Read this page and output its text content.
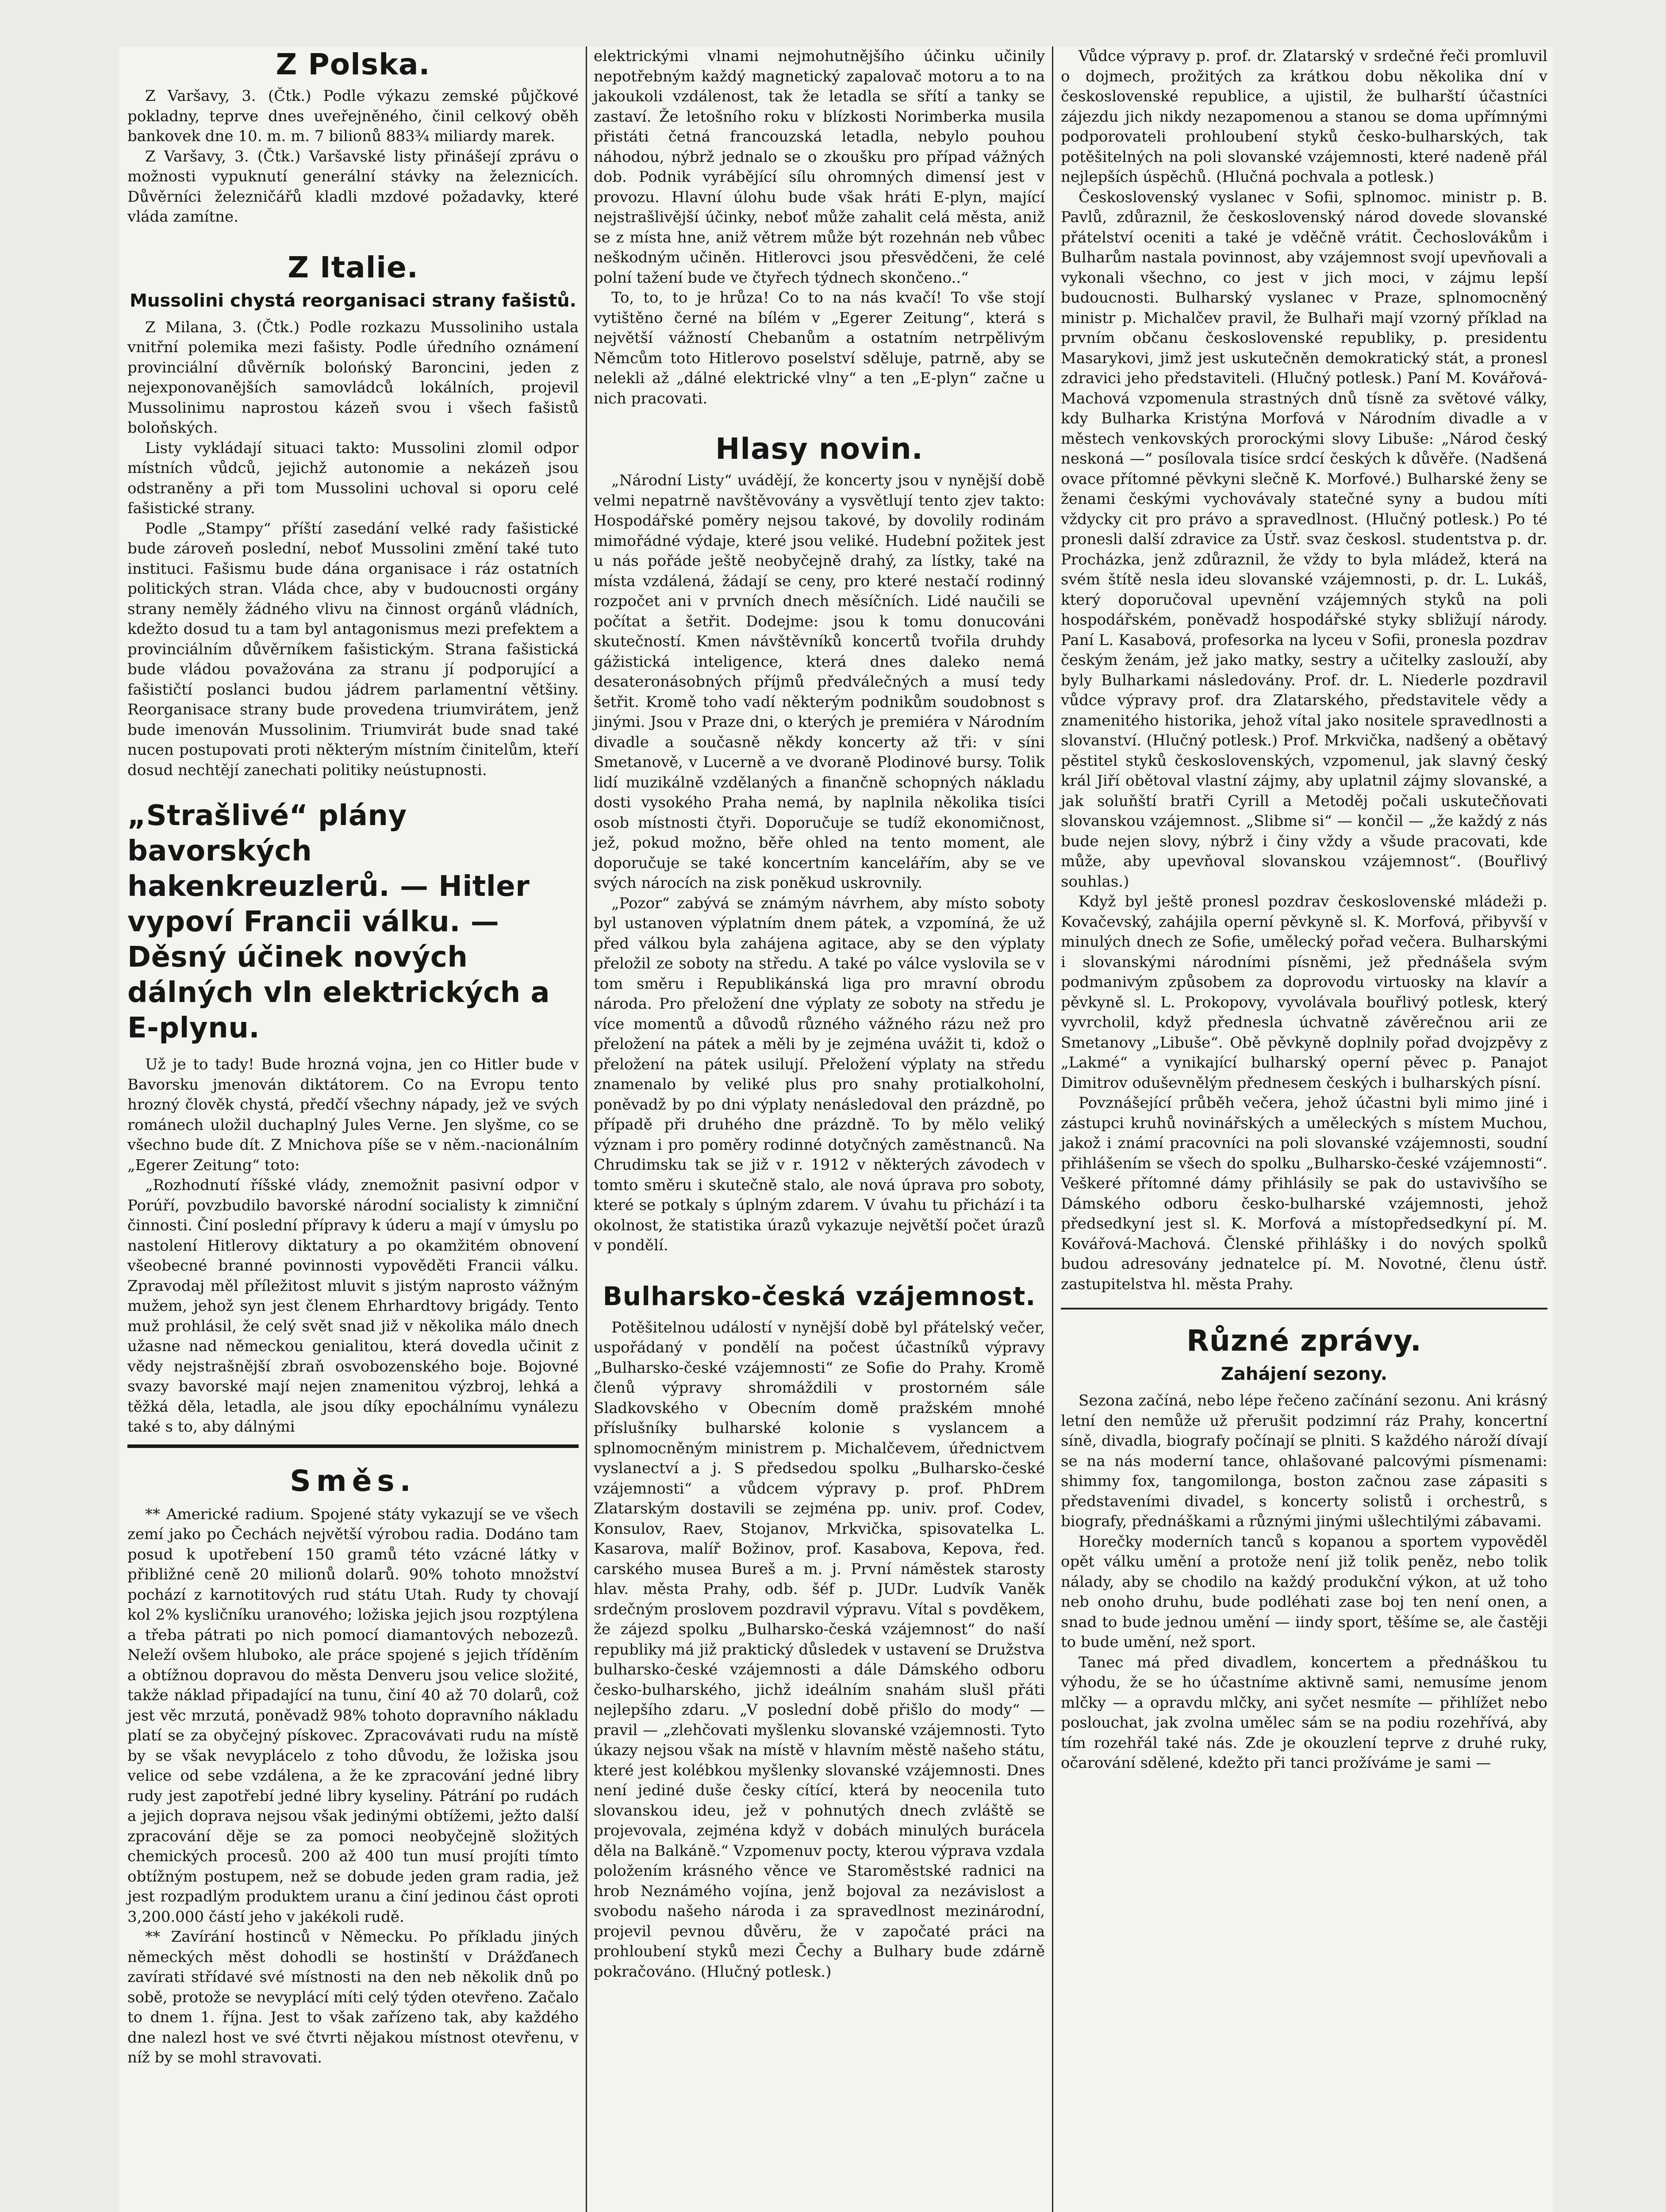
Z Polska.

Z Varšavy, 3. (Čtk.) Podle výkazu zemské půjčkové pokladny, teprve dnes uveřejněného, činil celkový oběh bankovek dne 10. m. m. 7 bilionů 883¾ miliardy marek.

Z Varšavy, 3. (Čtk.) Varšavské listy přinášejí zprávu o možnosti vypuknutí generální stávky na železnicích. Důvěrníci železničářů kladli mzdové požadavky, které vláda zamítne.

Z Italie.
Mussolini chystá reorganisaci strany fašistů.

Z Milana, 3. (Čtk.) Podle rozkazu Mussoliniho ustala vnitřní polemika mezi fašisty. Podle úředního oznámení provinciální důvěrník bolońský Baroncini, jeden z nejexponovanějších samovládců lokálních, projevil Mussolinimu naprostou kázeň svou i všech fašistů boloňských.

Listy vykládají situaci takto: Mussolini zlomil odpor místních vůdců, jejichž autonomie a nekázeň jsou odstraněny a při tom Mussolini uchoval si oporu celé fašistické strany.

Podle „Stampy“ příští zasedání velké rady fašistické bude zároveň poslední, neboť Mussolini změní také tuto instituci. Fašismu bude dána organisace i ráz ostatních politických stran. Vláda chce, aby v budoucnosti orgány strany neměly žádného vlivu na činnost orgánů vládních, kdežto dosud tu a tam byl antagonismus mezi prefektem a provinciálním důvěrníkem fašistickým. Strana fašistická bude vládou považována za stranu jí podporující a fašističtí poslanci budou jádrem parlamentní většiny. Reorganisace strany bude provedena triumvirátem, jenž bude imenován Mussolinim. Triumvirát bude snad také nucen postupovati proti některým místním činitelům, kteří dosud nechtějí zanechati politiky neústupnosti.

„Strašlivé“ plány bavorských hakenkreuzlerů. — Hitler vypoví Francii válku. — Děsný účinek nových dálných vln elektrických a E-plynu.

Už je to tady! Bude hrozná vojna, jen co Hitler bude v Bavorsku jmenován diktátorem. Co na Evropu tento hrozný člověk chystá, předčí všechny nápady, jež ve svých románech uložil duchaplný Jules Verne. Jen slyšme, co se všechno bude dít. Z Mnichova píše se v něm.-nacionálním „Egerer Zeitung“ toto:

„Rozhodnutí říšské vlády, znemožnit pasivní odpor v Porúří, povzbudilo bavorské národní socialisty k zimniční činnosti. Činí poslední přípravy k úderu a mají v úmyslu po nastolení Hitlerovy diktatury a po okamžitém obnovení všeobecné branné povinnosti vypověděti Francii válku. Zpravodaj měl příležitost mluvit s jistým naprosto vážným mužem, jehož syn jest členem Ehrhardtovy brigády. Tento muž prohlásil, že celý svět snad již v několika málo dnech užasne nad německou genialitou, která dovedla učinit z vědy nejstrašnější zbraň osvobozenského boje. Bojovné svazy bavorské mají nejen znamenitou výzbroj, lehká a těžká děla, letadla, ale jsou díky epochálnímu vynálezu také s to, aby dálnými

Směs.

** Americké radium. Spojené státy vykazují se ve všech zemí jako po Čechách největší výrobou radia. Dodáno tam posud k upotřebení 150 gramů této vzácné látky v přibližné ceně 20 milionů dolarů. 90% tohoto množství pochází z karnotitových rud státu Utah. Rudy ty chovají kol 2% kysličníku uranového; ložiska jejich jsou rozptýlena a třeba pátrati po nich pomocí diamantových nebozezů. Neleží ovšem hluboko, ale práce spojené s jejich tříděním a obtížnou dopravou do města Denveru jsou velice složité, takže náklad připadající na tunu, činí 40 až 70 dolarů, což jest věc mrzutá, poněvadž 98% tohoto dopravního nákladu platí se za obyčejný pískovec. Zpracovávati rudu na místě by se však nevyplácelo z toho důvodu, že ložiska jsou velice od sebe vzdálena, a že ke zpracování jedné libry rudy jest zapotřebí jedné libry kyseliny. Pátrání po rudách a jejich doprava nejsou však jedinými obtížemi, ježto další zpracování děje se za pomoci neobyčejně složitých chemických procesů. 200 až 400 tun musí projíti tímto obtížným postupem, než se dobude jeden gram radia, jež jest rozpadlým produktem uranu a činí jedinou část oproti 3,200.000 částí jeho v jakékoli rudě.

** Zavírání hostinců v Německu. Po příkladu jiných německých měst dohodli se hostinští v Drážďanech zavírati střídavé své místnosti na den neb několik dnů po sobě, protože se nevyplácí míti celý týden otevřeno. Začalo to dnem 1. října. Jest to však zařízeno tak, aby každého dne nalezl host ve své čtvrti nějakou místnost otevřenu, v níž by se mohl stravovati.

elektrickými vlnami nejmohutnějšího účinku učinily nepotřebným každý magnetický zapalovač motoru a to na jakoukoli vzdálenost, tak že letadla se sřítí a tanky se zastaví. Že letošního roku v blízkosti Norimberka musila přistáti četná francouzská letadla, nebylo pouhou náhodou, nýbrž jednalo se o zkoušku pro případ vážných dob. Podnik vyrábějící sílu ohromných dimensí jest v provozu. Hlavní úlohu bude však hráti E-plyn, mající nejstrašlivější účinky, neboť může zahalit celá města, aniž se z místa hne, aniž větrem může být rozehnán neb vůbec neškodným učiněn. Hitlerovci jsou přesvědčeni, že celé polní tažení bude ve čtyřech týdnech skončeno..“

To, to, to je hrůza! Co to na nás kvačí! To vše stojí vytištěno černé na bílém v „Egerer Zeitung“, která s největší vážností Chebanům a ostatním netrpělivým Němcům toto Hitlerovo poselství sděluje, patrně, aby se nelekli až „dálné elektrické vlny“ a ten „E-plyn“ začne u nich pracovati.

Hlasy novin.

„Národní Listy“ uvádějí, že koncerty jsou v nynější době velmi nepatrně navštěvovány a vysvětlují tento zjev takto: Hospodářské poměry nejsou takové, by dovolily rodinám mimořádné výdaje, které jsou veliké. Hudební požitek jest u nás pořáde ještě neobyčejně drahý, za lístky, také na místa vzdálená, žádají se ceny, pro které nestačí rodinný rozpočet ani v prvních dnech měsíčních. Lidé naučili se počítat a šetřit. Dodejme: jsou k tomu donucováni skutečností. Kmen návštěvníků koncertů tvořila druhdy gážistická inteligence, která dnes daleko nemá desateronásobných příjmů předválečných a musí tedy šetřit. Kromě toho vadí některým podnikům soudobnost s jinými. Jsou v Praze dni, o kterých je premiéra v Národním divadle a současně někdy koncerty až tři: v síni Smetanově, v Lucerně a ve dvoraně Plodinové bursy. Tolik lidí muzikálně vzdělaných a finančně schopných nákladu dosti vysokého Praha nemá, by naplnila několika tisíci osob místnosti čtyři. Doporučuje se tudíž ekonomičnost, jež, pokud možno, běře ohled na tento moment, ale doporučuje se také koncertním kancelářím, aby se ve svých nárocích na zisk poněkud uskrovnily.

„Pozor“ zabývá se známým návrhem, aby místo soboty byl ustanoven výplatním dnem pátek, a vzpomíná, že už před válkou byla zahájena agitace, aby se den výplaty přeložil ze soboty na středu. A také po válce vyslovila se v tom směru i Republikánská liga pro mravní obrodu národa. Pro přeložení dne výplaty ze soboty na středu je více momentů a důvodů různého vážného rázu než pro přeložení na pátek a měli by je zejména uvážit ti, kdož o přeložení na pátek usilují. Přeložení výplaty na středu znamenalo by veliké plus pro snahy protialkoholní, poněvadž by po dni výplaty nenásledoval den prázdně, po případě při druhého dne prázdně. To by mělo veliký význam i pro poměry rodinné dotyčných zaměstnanců. Na Chrudimsku tak se již v r. 1912 v některých závodech v tomto směru i skutečně stalo, ale nová úprava pro soboty, které se potkaly s úplným zdarem. V úvahu tu přichází i ta okolnost, že statistika úrazů vykazuje největší počet úrazů v pondělí.

Bulharsko-česká vzájemnost.

Potěšitelnou událostí v nynější době byl přátelský večer, uspořádaný v pondělí na počest účastníků výpravy „Bulharsko-české vzájemnosti“ ze Sofie do Prahy. Kromě členů výpravy shromáždili v prostorném sále Sladkovského v Obecním domě pražském mnohé příslušníky bulharské kolonie s vyslancem a splnomocněným ministrem p. Michalčevem, úřednictvem vyslanectví a j. S předsedou spolku „Bulharsko-české vzájemnosti“ a vůdcem výpravy p. prof. PhDrem Zlatarským dostavili se zejména pp. univ. prof. Codev, Konsulov, Raev, Stojanov, Mrkvička, spisovatelka L. Kasarova, malíř Božinov, prof. Kasabova, Kepova, řed. carského musea Bureš a m. j. První náměstek starosty hlav. města Prahy, odb. šéf p. JUDr. Ludvík Vaněk srdečným proslovem pozdravil výpravu. Vítal s povděkem, že zájezd spolku „Bulharsko-česká vzájemnost“ do naší republiky má již praktický důsledek v ustavení se Družstva bulharsko-české vzájemnosti a dále Dámského odboru česko-bulharského, jichž ideálním snahám slušl přáti nejlepšího zdaru. „V poslední době přišlo do mody“ — pravil — „zlehčovati myšlenku slovanské vzájemnosti. Tyto úkazy nejsou však na místě v hlavním městě našeho státu, které jest kolébkou myšlenky slovanské vzájemnosti. Dnes není jediné duše česky cítící, která by neocenila tuto slovanskou ideu, jež v pohnutých dnech zvláště se projevovala, zejména když v dobách minulých burácela děla na Balkáně.“ Vzpomenuv pocty, kterou výprava vzdala položením krásného věnce ve Staroměstské radnici na hrob Neznámého vojína, jenž bojoval za nezávislost a svobodu našeho národa i za spravedlnost mezinárodní, projevil pevnou důvěru, že v započaté práci na prohloubení styků mezi Čechy a Bulhary bude zdárně pokračováno. (Hlučný potlesk.)

Vůdce výpravy p. prof. dr. Zlatarský v srdečné řeči promluvil o dojmech, prožitých za krátkou dobu několika dní v československé republice, a ujistil, že bulharští účastníci zájezdu jich nikdy nezapomenou a stanou se doma upřímnými podporovateli prohloubení styků česko-bulharských, tak potěšitelných na poli slovanské vzájemnosti, které nadeně přál nejlepších úspěchů. (Hlučná pochvala a potlesk.)

Československý vyslanec v Sofii, splnomoc. ministr p. B. Pavlů, zdůraznil, že československý národ dovede slovanské přátelství oceniti a také je vděčně vrátit. Čechoslovákům i Bulharům nastala povinnost, aby vzájemnost svojí upevňovali a vykonali všechno, co jest v jich moci, v zájmu lepší budoucnosti. Bulharský vyslanec v Praze, splnomocněný ministr p. Michalčev pravil, že Bulhaři mají vzorný příklad na prvním občanu československé republiky, p. presidentu Masarykovi, jimž jest uskutečněn demokratický stát, a pronesl zdravici jeho představiteli. (Hlučný potlesk.) Paní M. Kovářová-Machová vzpomenula strastných dnů tísně za světové války, kdy Bulharka Kristýna Morfová v Národním divadle a v městech venkovských prorockými slovy Libuše: „Národ český neskoná —“ posílovala tisíce srdcí českých k důvěře. (Nadšená ovace přítomné pěvkyni slečně K. Morfové.) Bulharské ženy se ženami českými vychovávaly statečné syny a budou míti vždycky cit pro právo a spravedlnost. (Hlučný potlesk.) Po té pronesli další zdravice za Ústř. svaz českosl. studentstva p. dr. Procházka, jenž zdůraznil, že vždy to byla mládež, která na svém štítě nesla ideu slovanské vzájemnosti, p. dr. L. Lukáš, který doporučoval upevnění vzájemných styků na poli hospodářském, poněvadž hospodářské styky sbližují národy. Paní L. Kasabová, profesorka na lyceu v Sofii, pronesla pozdrav českým ženám, jež jako matky, sestry a učitelky zaslouží, aby byly Bulharkami následovány. Prof. dr. L. Niederle pozdravil vůdce výpravy prof. dra Zlatarského, představitele vědy a znamenitého historika, jehož vítal jako nositele spravedlnosti a slovanství. (Hlučný potlesk.) Prof. Mrkvička, nadšený a obětavý pěstitel styků československých, vzpomenul, jak slavný český král Jiří obětoval vlastní zájmy, aby uplatnil zájmy slovanské, a jak soluňští bratři Cyrill a Metoděj počali uskutečňovati slovanskou vzájemnost. „Slibme si“ — končil — „že každý z nás bude nejen slovy, nýbrž i činy vždy a všude pracovati, kde může, aby upevňoval slovanskou vzájemnost“. (Bouřlivý souhlas.)

Když byl ještě pronesl pozdrav československé mládeži p. Kovačevský, zahájila operní pěvkyně sl. K. Morfová, přibyvší v minulých dnech ze Sofie, umělecký pořad večera. Bulharskými i slovanskými národními písněmi, jež přednášela svým podmanivým způsobem za doprovodu virtuosky na klavír a pěvkyně sl. L. Prokopovy, vyvolávala bouřlivý potlesk, který vyvrcholil, když přednesla úchvatně závěrečnou arii ze Smetanovy „Libuše“. Obě pěvkyně doplnily pořad dvojzpěvy z „Lakmé“ a vynikající bulharský operní pěvec p. Panajot Dimitrov oduševnělým přednesem českých i bulharských písní.

Povznášející průběh večera, jehož účastni byli mimo jiné i zástupci kruhů novinářských a uměleckých s místem Muchou, jakož i známí pracovníci na poli slovanské vzájemnosti, soudní přihlášením se všech do spolku „Bulharsko-české vzájemnosti“. Veškeré přítomné dámy přihlásily se pak do ustavivšího se Dámského odboru česko-bulharské vzájemnosti, jehož předsedkyní jest sl. K. Morfová a místopředsedkyní pí. M. Kovářová-Machová. Členské přihlášky i do nových spolků budou adresovány jednatelce pí. M. Novotné, členu ústř. zastupitelstva hl. města Prahy.

Různé zprávy.
Zahájení sezony.

Sezona začíná, nebo lépe řečeno začínání sezonu. Ani krásný letní den nemůže už přerušit podzimní ráz Prahy, koncertní síně, divadla, biografy počínají se plniti. S každého nároží dívají se na nás moderní tance, ohlašované palcovými písmenami: shimmy fox, tangomilonga, boston začnou zase zápasiti s představeními divadel, s koncerty solistů i orchestrů, s biografy, přednáškami a různými jinými ušlechtilými zábavami.

Horečky moderních tanců s kopanou a sportem vypověděl opět válku umění a protože není již tolik peněz, nebo tolik nálady, aby se chodilo na každý produkční výkon, at už toho neb onoho druhu, bude podléhati zase boj ten není onen, a snad to bude jednou umění — iindy sport, těšíme se, ale častěji to bude umění, než sport.

Tanec má před divadlem, koncertem a přednáškou tu výhodu, že se ho účastníme aktivně sami, nemusíme jenom mlčky — a opravdu mlčky, ani syčet nesmíte — přihlížet nebo poslouchat, jak zvolna umělec sám se na podiu rozehřívá, aby tím rozehřál také nás. Zde je okouzlení teprve z druhé ruky, očarování sdělené, kdežto při tanci prožíváme je sami —
